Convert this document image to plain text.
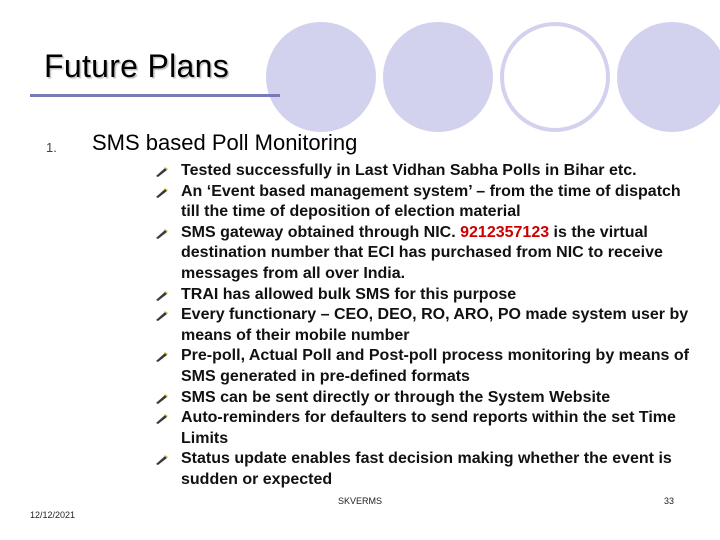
Future Plans
1. SMS based Poll Monitoring
Tested successfully in Last Vidhan Sabha Polls in Bihar etc.
An ‘Event based management system’ – from the time of dispatch till the time of deposition of election material
SMS gateway obtained through NIC. 9212357123 is the virtual destination number that ECI has purchased from NIC to receive messages from all over India.
TRAI has allowed bulk SMS for this purpose
Every functionary – CEO, DEO, RO, ARO, PO made system user by means of their mobile number
Pre-poll, Actual Poll and Post-poll process monitoring by means of SMS generated in pre-defined formats
SMS can be sent directly or through the System Website
Auto-reminders for defaulters to send reports within the set Time Limits
Status update enables fast decision making whether the event is sudden or expected
12/12/2021
SKVERMS	33
